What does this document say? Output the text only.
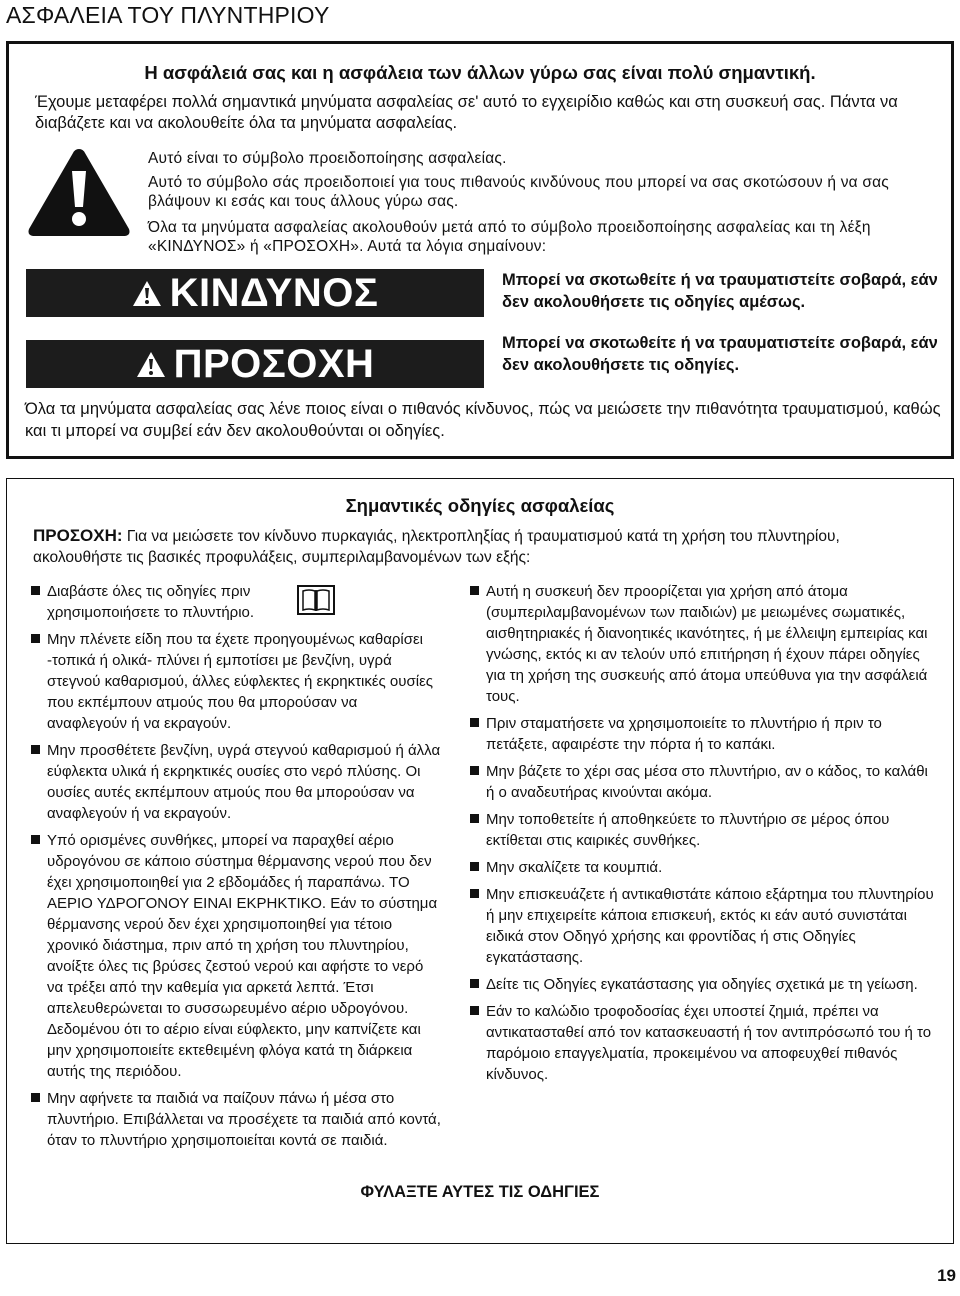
ΑΣΦΑΛΕΙΑ ΤΟΥ ΠΛΥΝΤΗΡΙΟΥ
Η ασφάλειά σας και η ασφάλεια των άλλων γύρω σας είναι πολύ σημαντική.
Έχουμε μεταφέρει πολλά σημαντικά μηνύματα ασφαλείας σε' αυτό το εγχειρίδιο καθώς και στη συσκευή σας. Πάντα να διαβάζετε και να ακολουθείτε όλα τα μηνύματα ασφαλείας.
Αυτό είναι το σύμβολο προειδοποίησης ασφαλείας.
Αυτό το σύμβολο σάς προειδοποιεί για τους πιθανούς κινδύνους που μπορεί να σας σκοτώσουν ή να σας βλάψουν κι εσάς και τους άλλους γύρω σας.
Όλα τα μηνύματα ασφαλείας ακολουθούν μετά από το σύμβολο προειδοποίησης ασφαλείας και τη λέξη «ΚΙΝΔΥΝΟΣ» ή «ΠΡΟΣΟΧΗ». Αυτά τα λόγια σημαίνουν:
ΚΙΝΔΥΝΟΣ	Μπορεί να σκοτωθείτε ή να τραυματιστείτε σοβαρά, εάν δεν ακολουθήσετε τις οδηγίες αμέσως.
ΠΡΟΣΟΧΗ	Μπορεί να σκοτωθείτε ή να τραυματιστείτε σοβαρά, εάν δεν ακολουθήσετε τις οδηγίες.
Όλα τα μηνύματα ασφαλείας σας λένε ποιος είναι ο πιθανός κίνδυνος, πώς να μειώσετε την πιθανότητα τραυματισμού, καθώς και τι μπορεί να συμβεί εάν δεν ακολουθούνται οι οδηγίες.
Σημαντικές οδηγίες ασφαλείας
ΠΡΟΣΟΧΗ: Για να μειώσετε τον κίνδυνο πυρκαγιάς, ηλεκτροπληξίας ή τραυματισμού κατά τη χρήση του πλυντηρίου, ακολουθήστε τις βασικές προφυλάξεις, συμπεριλαμβανομένων των εξής:
Διαβάστε όλες τις οδηγίες πριν χρησιμοποιήσετε το πλυντήριο.
Μην πλένετε είδη που τα έχετε προηγουμένως καθαρίσει -τοπικά ή ολικά- πλύνει ή εμποτίσει με βενζίνη, υγρά στεγνού καθαρισμού, άλλες εύφλεκτες ή εκρηκτικές ουσίες που εκπέμπουν ατμούς που θα μπορούσαν να αναφλεγούν ή να εκραγούν.
Μην προσθέτετε βενζίνη, υγρά στεγνού καθαρισμού ή άλλα εύφλεκτα υλικά ή εκρηκτικές ουσίες στο νερό πλύσης. Οι ουσίες αυτές εκπέμπουν ατμούς που θα μπορούσαν να αναφλεγούν ή να εκραγούν.
Υπό ορισμένες συνθήκες, μπορεί να παραχθεί αέριο υδρογόνου σε κάποιο σύστημα θέρμανσης νερού που δεν έχει χρησιμοποιηθεί για 2 εβδομάδες ή παραπάνω. ΤΟ ΑΕΡΙΟ ΥΔΡΟΓΟΝΟΥ ΕΙΝΑΙ ΕΚΡΗΚΤΙΚΟ. Εάν το σύστημα θέρμανσης νερού δεν έχει χρησιμοποιηθεί για τέτοιο χρονικό διάστημα, πριν από τη χρήση του πλυντηρίου, ανοίξτε όλες τις βρύσες ζεστού νερού και αφήστε το νερό να τρέξει από την καθεμία για αρκετά λεπτά. Έτσι απελευθερώνεται το συσσωρευμένο αέριο υδρογόνου. Δεδομένου ότι το αέριο είναι εύφλεκτο, μην καπνίζετε και μην χρησιμοποιείτε εκτεθειμένη φλόγα κατά τη διάρκεια αυτής της περιόδου.
Μην αφήνετε τα παιδιά να παίζουν πάνω ή μέσα στο πλυντήριο. Επιβάλλεται να προσέχετε τα παιδιά από κοντά, όταν το πλυντήριο χρησιμοποιείται κοντά σε παιδιά.
Αυτή η συσκευή δεν προορίζεται για χρήση από άτομα (συμπεριλαμβανομένων των παιδιών) με μειωμένες σωματικές, αισθητηριακές ή διανοητικές ικανότητες, ή με έλλειψη εμπειρίας και γνώσης, εκτός κι αν τελούν υπό επιτήρηση ή έχουν πάρει οδηγίες για τη χρήση της συσκευής από άτομα υπεύθυνα για την ασφάλειά τους.
Πριν σταματήσετε να χρησιμοποιείτε το πλυντήριο ή πριν το πετάξετε, αφαιρέστε την πόρτα ή το καπάκι.
Μην βάζετε το χέρι σας μέσα στο πλυντήριο, αν ο κάδος, το καλάθι ή ο αναδευτήρας κινούνται ακόμα.
Μην τοποθετείτε ή αποθηκεύετε το πλυντήριο σε μέρος όπου εκτίθεται στις καιρικές συνθήκες.
Μην σκαλίζετε τα κουμπιά.
Μην επισκευάζετε ή αντικαθιστάτε κάποιο εξάρτημα του πλυντηρίου ή μην επιχειρείτε κάποια επισκευή, εκτός κι εάν αυτό συνιστάται ειδικά στον Οδηγό χρήσης και φροντίδας ή στις Οδηγίες εγκατάστασης.
Δείτε τις Οδηγίες εγκατάστασης για οδηγίες σχετικά με τη γείωση.
Εάν το καλώδιο τροφοδοσίας έχει υποστεί ζημιά, πρέπει να αντικατασταθεί από τον κατασκευαστή ή τον αντιπρόσωπό του ή το παρόμοιο επαγγελματία, προκειμένου να αποφευχθεί πιθανός κίνδυνος.
ΦΥΛΑΞΤΕ ΑΥΤΕΣ ΤΙΣ ΟΔΗΓΙΕΣ
19
